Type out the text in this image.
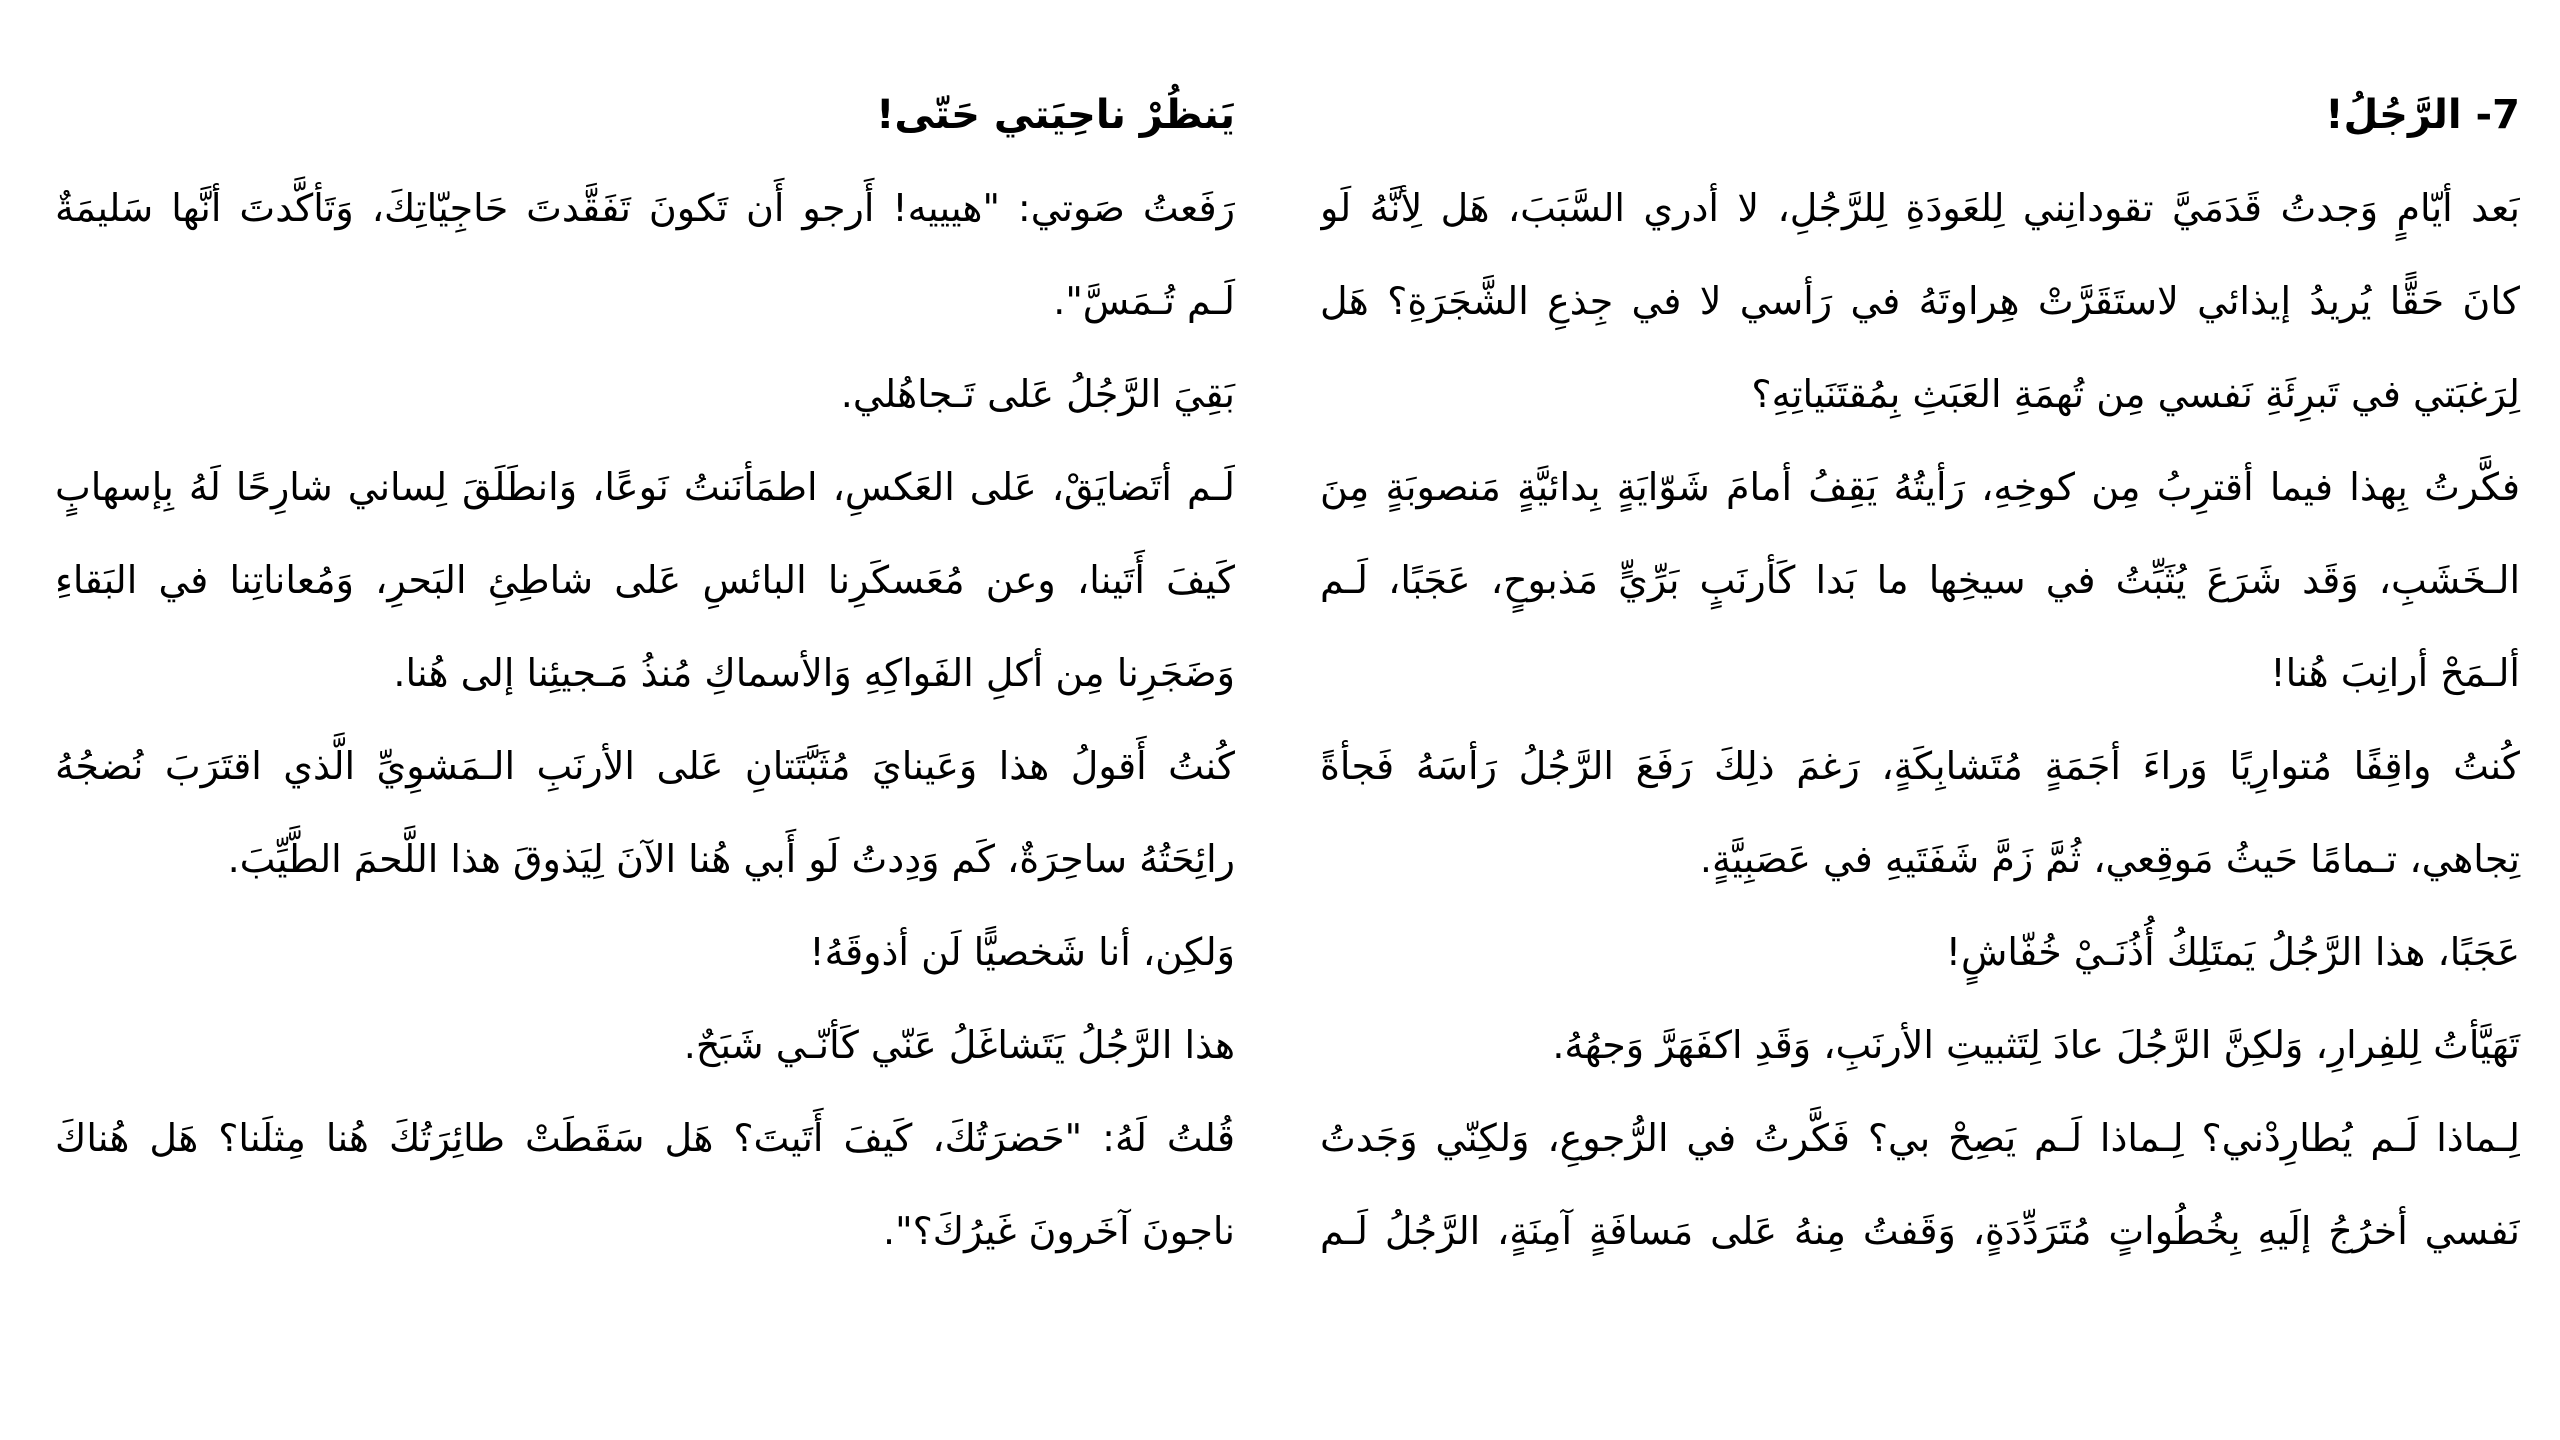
7- الرَّجُلُ!
بَعد أيّامٍ وَجدتُ قَدَمَيَّ تقودانِني لِلعَودَةِ لِلرَّجُلِ، لا أدري السَّبَبَ، هَل لِأنَّهُ لَو
كانَ حَقًّا يُريدُ إيذائي لاستَقَرَّتْ هِراوتَهُ في رَأسي لا في جِذعِ الشَّجَرَةِ؟ هَل
لِرَغبَتي في تَبرِئَةِ نَفسي مِن تُهمَةِ العَبَثِ بِمُقتَنَياتِهِ؟
فكَّرتُ بِهذا فيما أقترِبُ مِن كوخِهِ، رَأيتُهُ يَقِفُ أمامَ شَوّايَةٍ بِدائيَّةٍ مَنصوبَةٍ مِنَ
الـخَشَبِ، وَقَد شَرَعَ يُثَبِّتُ في سيخِها ما بَدا كَأرنَبٍ بَرِّيٍّ مَذبوحٍ، عَجَبًا، لَـم
ألـمَحْ أرانِبَ هُنا!
كُنتُ واقِفًا مُتوارِيًا وَراءَ أجَمَةٍ مُتَشابِكَةٍ، رَغمَ ذلِكَ رَفَعَ الرَّجُلُ رَأسَهُ فَجأةً
تِجاهي، تـمامًا حَيثُ مَوقِعي، ثُمَّ زَمَّ شَفَتَيهِ في عَصَبِيَّةٍ.
عَجَبًا، هذا الرَّجُلُ يَمتَلِكُ أُذُنَـيْ خُفّاشٍ!
تَهَيَّأتُ لِلفِرارِ، وَلكِنَّ الرَّجُلَ عادَ لِتَثبيتِ الأرنَبِ، وَقَدِ اكفَهَرَّ وَجهُهُ.
لِـماذا لَـم يُطارِدْني؟ لِـماذا لَـم يَصِحْ بي؟ فَكَّرتُ في الرُّجوعِ، وَلكِنّي وَجَدتُ
نَفسي أخرُجُ إلَيهِ بِخُطُواتٍ مُتَرَدِّدَةٍ، وَقَفتُ مِنهُ عَلى مَسافَةٍ آمِنَةٍ، الرَّجُلُ لَـم
يَنظُرْ ناحِيَتي حَتّى!
رَفَعتُ صَوتي: "هيييه! أَرجو أَن تَكونَ تَفَقَّدتَ حَاجِيّاتِكَ، وَتَأكَّدتَ أنَّها سَليمَةٌ
لَـم تُـمَسَّ".
بَقِيَ الرَّجُلُ عَلى تَـجاهُلي.
لَـم أتَضايَقْ، عَلى العَكسِ، اطمَأنَنتُ نَوعًا، وَانطَلَقَ لِساني شارِحًا لَهُ بِإسهابٍ
كَيفَ أَتَينا، وعن مُعَسكَرِنا البائسِ عَلى شاطِئِ البَحرِ، وَمُعاناتِنا في البَقاءِ
وَضَجَرِنا مِن أكلِ الفَواكِهِ وَالأسماكِ مُنذُ مَـجيئِنا إلى هُنا.
كُنتُ أَقولُ هذا وَعَينايَ مُثَبَّتَتانِ عَلى الأرنَبِ الـمَشوِيِّ الَّذي اقتَرَبَ نُضجُهُ
رائِحَتُهُ ساحِرَةٌ، كَم وَدِدتُ لَو أَبي هُنا الآنَ لِيَذوقَ هذا اللَّحمَ الطَّيِّبَ.
وَلكِن، أنا شَخصيًّا لَن أذوقَهُ!
هذا الرَّجُلُ يَتَشاغَلُ عَنّي كَأنّـي شَبَحٌ.
قُلتُ لَهُ: "حَضرَتُكَ، كَيفَ أَتَيتَ؟ هَل سَقَطَتْ طائِرَتُكَ هُنا مِثلَنا؟ هَل هُناكَ
ناجونَ آخَرونَ غَيرُكَ؟".
